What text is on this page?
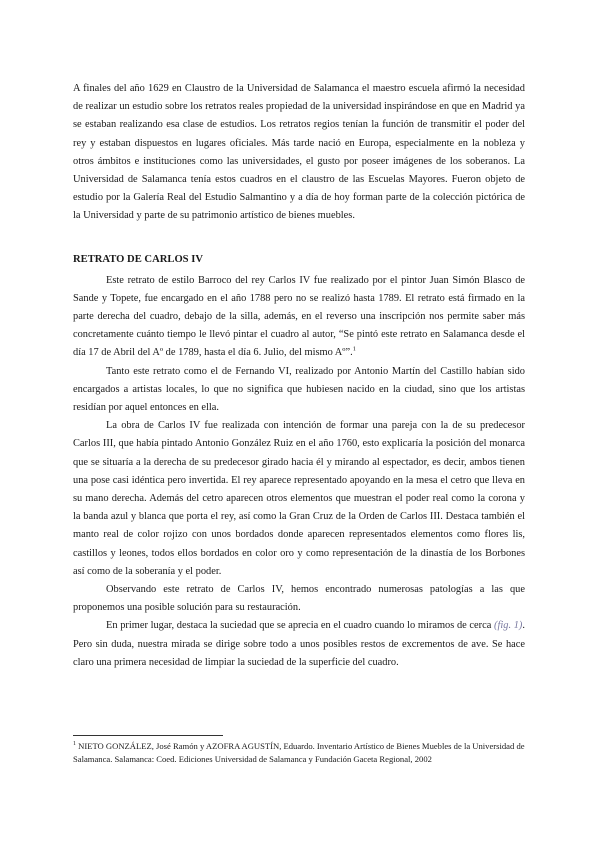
A finales del año 1629 en Claustro de la Universidad de Salamanca el maestro escuela afirmó la necesidad de realizar un estudio sobre los retratos reales propiedad de la universidad inspirándose en que en Madrid ya se estaban realizando esa clase de estudios. Los retratos regios tenían la función de transmitir el poder del rey y estaban dispuestos en lugares oficiales. Más tarde nació en Europa, especialmente en la nobleza y otros ámbitos e instituciones como las universidades, el gusto por poseer imágenes de los soberanos. La Universidad de Salamanca tenía estos cuadros en el claustro de las Escuelas Mayores. Fueron objeto de estudio por la Galería Real del Estudio Salmantino y a día de hoy forman parte de la colección pictórica de la Universidad y parte de su patrimonio artístico de bienes muebles.

RETRATO DE CARLOS IV

Este retrato de estilo Barroco del rey Carlos IV fue realizado por el pintor Juan Simón Blasco de Sande y Topete, fue encargado en el año 1788 pero no se realizó hasta 1789. El retrato está firmado en la parte derecha del cuadro, debajo de la silla, además, en el reverso una inscripción nos permite saber más concretamente cuánto tiempo le llevó pintar el cuadro al autor, “Se pintó este retrato en Salamanca desde el día 17 de Abril del Aº de 1789, hasta el día 6. Julio, del mismo Aº”.$^1$

Tanto este retrato como el de Fernando VI, realizado por Antonio Martín del Castillo habían sido encargados a artistas locales, lo que no significa que hubiesen nacido en la ciudad, sino que los artistas residían por aquel entonces en ella.

La obra de Carlos IV fue realizada con intención de formar una pareja con la de su predecesor Carlos III, que había pintado Antonio González Ruiz en el año 1760, esto explicaría la posición del monarca que se situaría a la derecha de su predecesor girado hacia él y mirando al espectador, es decir, ambos tienen una pose casi idéntica pero invertida. El rey aparece representado apoyando en la mesa el cetro que lleva en su mano derecha. Además del cetro aparecen otros elementos que muestran el poder real como la corona y la banda azul y blanca que porta el rey, así como la Gran Cruz de la Orden de Carlos III. Destaca también el manto real de color rojizo con unos bordados donde aparecen representados elementos como flores lis, castillos y leones, todos ellos bordados en color oro y como representación de la dinastía de los Borbones así como de la soberanía y el poder.

Observando este retrato de Carlos IV, hemos encontrado numerosas patologías a las que proponemos una posible solución para su restauración.

En primer lugar, destaca la suciedad que se aprecia en el cuadro cuando lo miramos de cerca (fig. 1). Pero sin duda, nuestra mirada se dirige sobre todo a unos posibles restos de excrementos de ave. Se hace claro una primera necesidad de limpiar la suciedad de la superficie del cuadro.

$^1$ NIETO GONZÁLEZ, José Ramón y AZOFRA AGUSTÍN, Eduardo. Inventario Artístico de Bienes Muebles de la Universidad de Salamanca. Salamanca: Coed. Ediciones Universidad de Salamanca y Fundación Gaceta Regional, 2002
